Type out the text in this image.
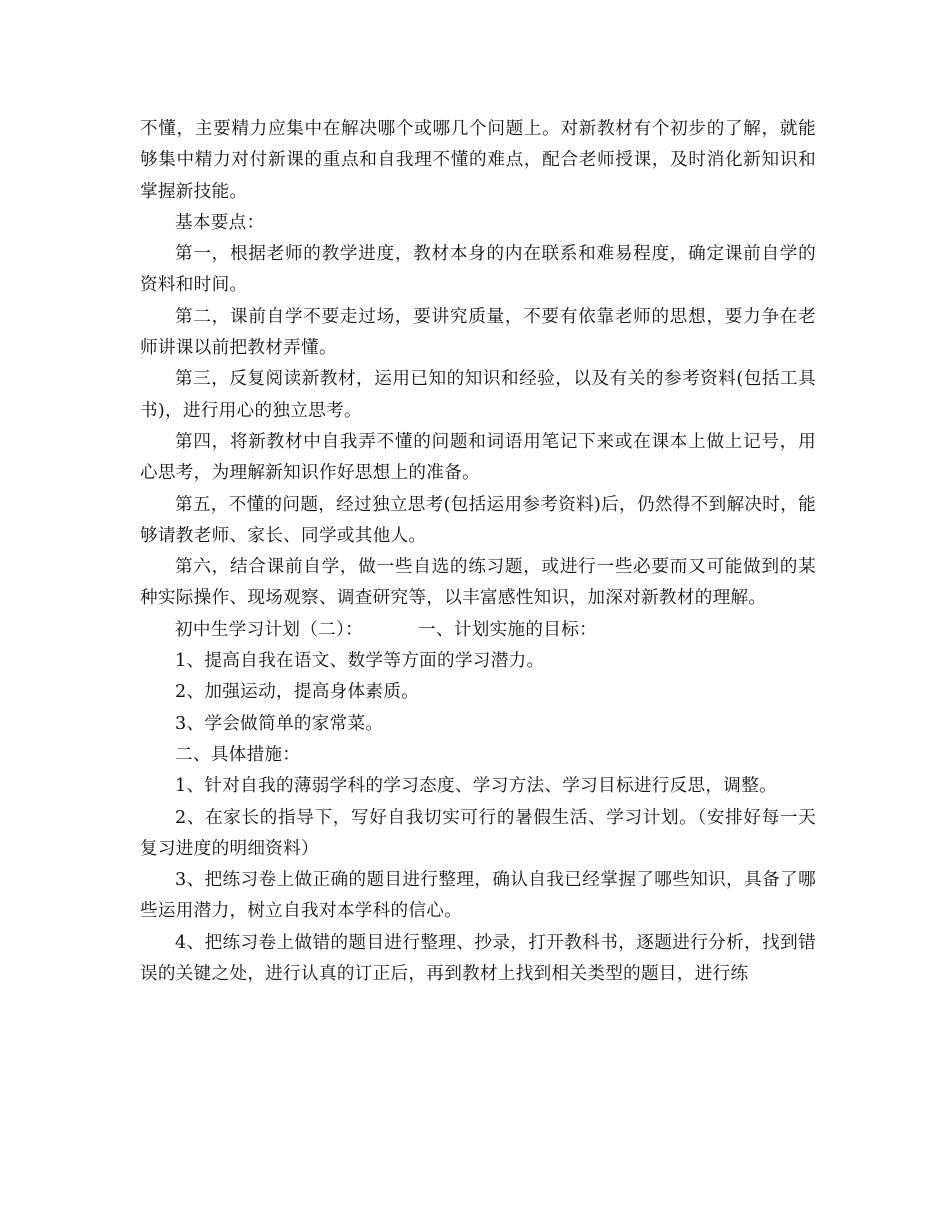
不懂，主要精力应集中在解决哪个或哪几个问题上。对新教材有个初步的了解，就能够集中精力对付新课的重点和自我理不懂的难点，配合老师授课，及时消化新知识和掌握新技能。

基本要点：

第一，根据老师的教学进度，教材本身的内在联系和难易程度，确定课前自学的资料和时间。

第二，课前自学不要走过场，要讲究质量，不要有依靠老师的思想，要力争在老师讲课以前把教材弄懂。

第三，反复阅读新教材，运用已知的知识和经验，以及有关的参考资料(包括工具书)，进行用心的独立思考。

第四，将新教材中自我弄不懂的问题和词语用笔记下来或在课本上做上记号，用心思考，为理解新知识作好思想上的准备。

第五，不懂的问题，经过独立思考(包括运用参考资料)后，仍然得不到解决时，能够请教老师、家长、同学或其他人。

第六，结合课前自学，做一些自选的练习题，或进行一些必要而又可能做到的某种实际操作、现场观察、调查研究等，以丰富感性知识，加深对新教材的理解。

初中生学习计划（二）：	一、计划实施的目标：

1、提高自我在语文、数学等方面的学习潜力。

2、加强运动，提高身体素质。

3、学会做简单的家常菜。

二、具体措施：

1、针对自我的薄弱学科的学习态度、学习方法、学习目标进行反思，调整。

2、在家长的指导下，写好自我切实可行的暑假生活、学习计划。（安排好每一天复习进度的明细资料）

3、把练习卷上做正确的题目进行整理，确认自我已经掌握了哪些知识，具备了哪些运用潜力，树立自我对本学科的信心。

4、把练习卷上做错的题目进行整理、抄录，打开教科书，逐题进行分析，找到错误的关键之处，进行认真的订正后，再到教材上找到相关类型的题目，进行练
